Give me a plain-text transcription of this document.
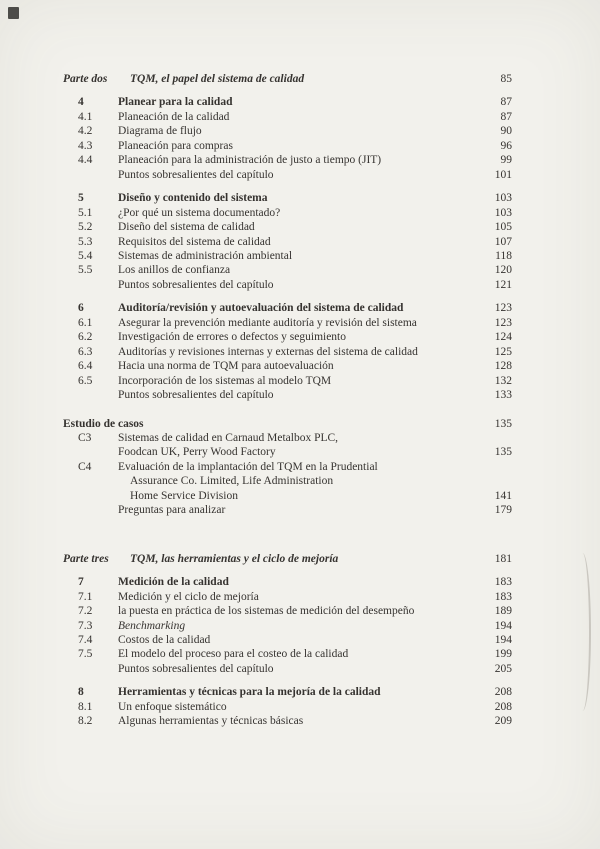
Parte dos	TQM, el papel del sistema de calidad	85
4	Planear para la calidad	87
4.1	Planeación de la calidad	87
4.2	Diagrama de flujo	90
4.3	Planeación para compras	96
4.4	Planeación para la administración de justo a tiempo (JIT)	99
Puntos sobresalientes del capítulo	101
5	Diseño y contenido del sistema	103
5.1	¿Por qué un sistema documentado?	103
5.2	Diseño del sistema de calidad	105
5.3	Requisitos del sistema de calidad	107
5.4	Sistemas de administración ambiental	118
5.5	Los anillos de confianza	120
Puntos sobresalientes del capítulo	121
6	Auditoría/revisión y autoevaluación del sistema de calidad	123
6.1	Asegurar la prevención mediante auditoría y revisión del sistema	123
6.2	Investigación de errores o defectos y seguimiento	124
6.3	Auditorías y revisiones internas y externas del sistema de calidad	125
6.4	Hacia una norma de TQM para autoevaluación	128
6.5	Incorporación de los sistemas al modelo TQM	132
Puntos sobresalientes del capítulo	133
Estudio de casos	135
C3	Sistemas de calidad en Carnaud Metalbox PLC,
Foodcan UK, Perry Wood Factory	135
C4	Evaluación de la implantación del TQM en la Prudential
Assurance Co. Limited, Life Administration
Home Service Division	141
Preguntas para analizar	179
Parte tres	TQM, las herramientas y el ciclo de mejoría	181
7	Medición de la calidad	183
7.1	Medición y el ciclo de mejoría	183
7.2	la puesta en práctica de los sistemas de medición del desempeño	189
7.3	Benchmarking	194
7.4	Costos de la calidad	194
7.5	El modelo del proceso para el costeo de la calidad	199
Puntos sobresalientes del capítulo	205
8	Herramientas y técnicas para la mejoría de la calidad	208
8.1	Un enfoque sistemático	208
8.2	Algunas herramientas y técnicas básicas	209
